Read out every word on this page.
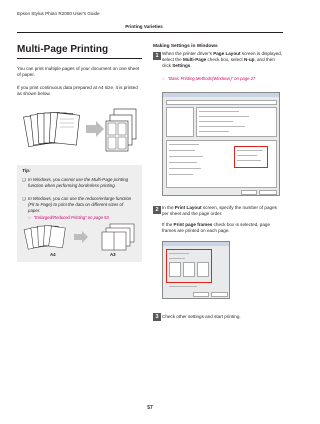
Epson Stylus Photo R2000 User's Guide
Printing Varieties
Multi-Page Printing
You can print multiple pages of your document on one sheet of paper.
If you print continuous data prepared at A4 size, it is printed as shown below.
Tip:
❏ In Windows, you cannot use the Multi-Page printing function when performing borderless printing.
❏ In Windows, you can use the reduce/enlarge function (Fit to Page) to print the data on different sizes of paper.
☞ “Enlarged/Reduced Printing” on page 53
A4	A3
Making Settings in Windows
1 When the printer driver's Page Layout screen is displayed, select the Multi-Page check box, select N-up, and then click Settings.
☞ “Basic Printing Methods(Windows)” on page 27
2 In the Print Layout screen, specify the number of pages per sheet and the page order.
If the Print page frames check box is selected, page frames are printed on each page.
3 Check other settings and start printing.
57
